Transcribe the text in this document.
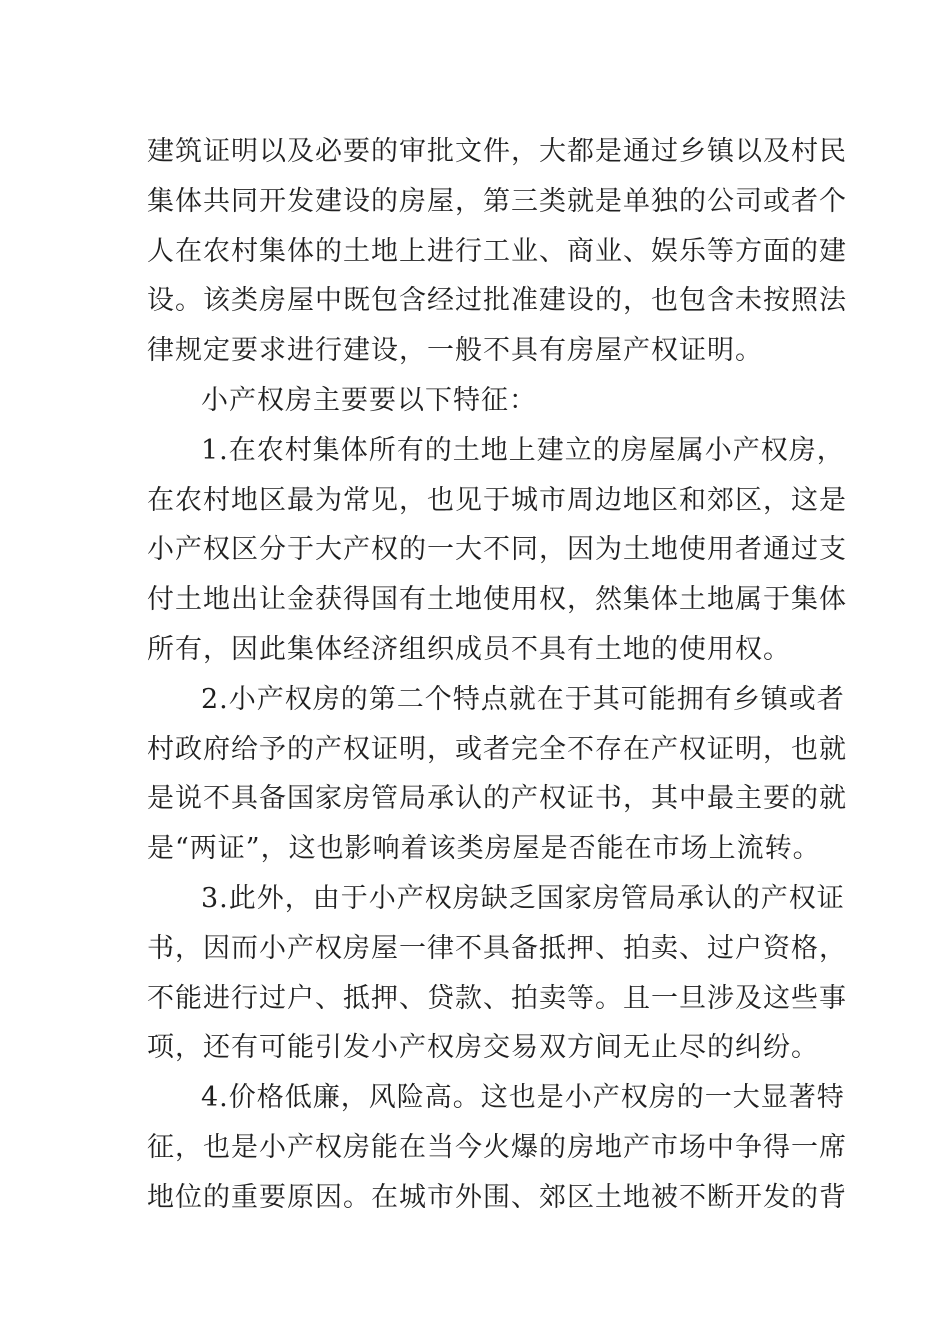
建筑证明以及必要的审批文件，大都是通过乡镇以及村民
集体共同开发建设的房屋，第三类就是单独的公司或者个
人在农村集体的土地上进行工业、商业、娱乐等方面的建
设。该类房屋中既包含经过批准建设的，也包含未按照法
律规定要求进行建设，一般不具有房屋产权证明。
小产权房主要要以下特征：
1.在农村集体所有的土地上建立的房屋属小产权房，
在农村地区最为常见，也见于城市周边地区和郊区，这是
小产权区分于大产权的一大不同，因为土地使用者通过支
付土地出让金获得国有土地使用权，然集体土地属于集体
所有，因此集体经济组织成员不具有土地的使用权。
2.小产权房的第二个特点就在于其可能拥有乡镇或者
村政府给予的产权证明，或者完全不存在产权证明，也就
是说不具备国家房管局承认的产权证书，其中最主要的就
是“两证”，这也影响着该类房屋是否能在市场上流转。
3.此外，由于小产权房缺乏国家房管局承认的产权证
书，因而小产权房屋一律不具备抵押、拍卖、过户资格，
不能进行过户、抵押、贷款、拍卖等。且一旦涉及这些事
项，还有可能引发小产权房交易双方间无止尽的纠纷。
4.价格低廉，风险高。这也是小产权房的一大显著特
征，也是小产权房能在当今火爆的房地产市场中争得一席
地位的重要原因。在城市外围、郊区土地被不断开发的背
